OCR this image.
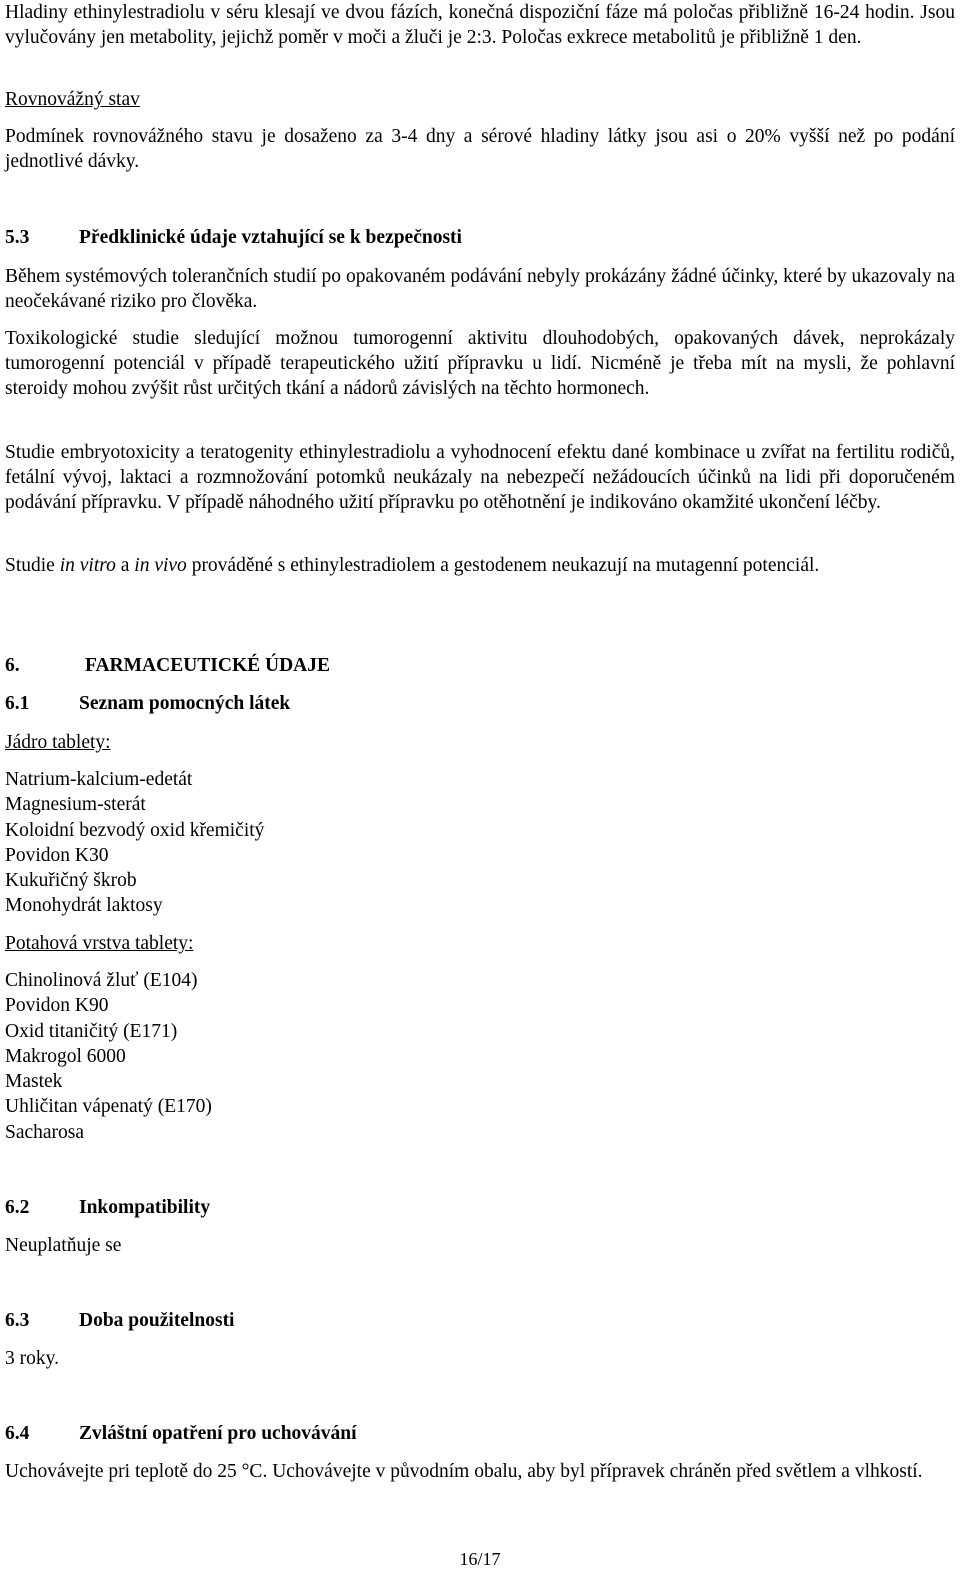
Hladiny ethinylestradiolu v séru klesají ve dvou fázích, konečná dispoziční fáze má poločas přibližně 16-24 hodin. Jsou vylučovány jen metabolity, jejichž poměr v moči a žluči je 2:3. Poločas exkrece metabolitů je přibližně 1 den.

Rovnovážný stav

Podmínek rovnovážného stavu je dosaženo za 3-4 dny a sérové hladiny látky jsou asi o 20% vyšší než po podání jednotlivé dávky.

5.3	Předklinické údaje vztahující se k bezpečnosti

Během systémových tolerančních studií po opakovaném podávání nebyly prokázány žádné účinky, které by ukazovaly na neočekávané riziko pro člověka.

Toxikologické studie sledující možnou tumorogenní aktivitu dlouhodobých, opakovaných dávek, neprokázaly tumorogenní potenciál v případě terapeutického užití přípravku u lidí. Nicméně je třeba mít na mysli, že pohlavní steroidy mohou zvýšit růst určitých tkání a nádorů závislých na těchto hormonech.

Studie embryotoxicity a teratogenity ethinylestradiolu a vyhodnocení efektu dané kombinace u zvířat na fertilitu rodičů, fetální vývoj, laktaci a rozmnožování potomků neukázaly na nebezpečí nežádoucích účinků na lidi při doporučeném podávání přípravku. V případě náhodného užití přípravku po otěhotnění je indikováno okamžité ukončení léčby.

Studie in vitro a in vivo prováděné s ethinylestradiolem a gestodenem neukazují na mutagenní potenciál.

6.	FARMACEUTICKÉ ÚDAJE
6.1	Seznam pomocných látek

Jádro tablety:

Natrium-kalcium-edetát
Magnesium-sterát
Koloidní bezvodý oxid křemičitý
Povidon K30
Kukuřičný škrob
Monohydrát laktosy

Potahová vrstva tablety:

Chinolinová žluť (E104)
Povidon K90
Oxid titaničitý (E171)
Makrogol 6000
Mastek
Uhličitan vápenatý (E170)
Sacharosa
6.2	Inkompatibility

Neuplatňuje se

6.3	Doba použitelnosti

3 roky.

6.4	Zvláštní opatření pro uchovávání

Uchovávejte pri teplotě do 25 °C. Uchovávejte v původním obalu, aby byl přípravek chráněn před světlem a vlhkostí.

16/17
